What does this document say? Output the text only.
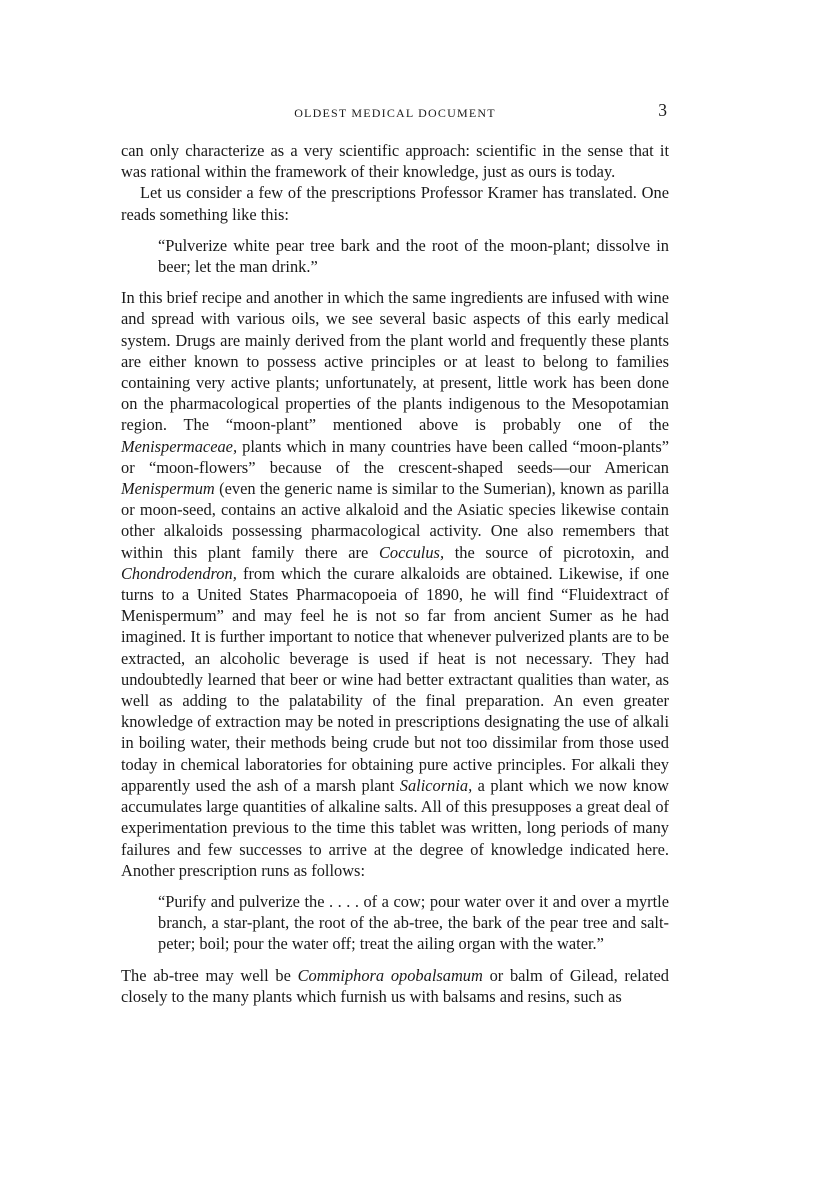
OLDEST MEDICAL DOCUMENT	3

can only characterize as a very scientific approach: scientific in the sense that it was rational within the framework of their knowledge, just as ours is today.

Let us consider a few of the prescriptions Professor Kramer has translated. One reads something like this:

“Pulverize white pear tree bark and the root of the moon-plant; dissolve in beer; let the man drink.”

In this brief recipe and another in which the same ingredients are infused with wine and spread with various oils, we see several basic aspects of this early medical system. Drugs are mainly derived from the plant world and frequently these plants are either known to possess active principles or at least to belong to families containing very active plants; unfortunately, at present, little work has been done on the pharmacological properties of the plants indigenous to the Mesopotamian region. The “moon-plant” mentioned above is probably one of the Menispermaceae, plants which in many countries have been called “moon-plants” or “moon-flowers” because of the crescent-shaped seeds—our American Menispermum (even the generic name is similar to the Sumerian), known as parilla or moon-seed, contains an active alkaloid and the Asiatic species likewise contain other alkaloids possessing pharmacological activity. One also remembers that within this plant family there are Cocculus, the source of picrotoxin, and Chondrodendron, from which the curare alkaloids are obtained. Likewise, if one turns to a United States Pharmacopoeia of 1890, he will find “Fluidextract of Menispermum” and may feel he is not so far from ancient Sumer as he had imagined. It is further important to notice that whenever pulverized plants are to be extracted, an alcoholic beverage is used if heat is not necessary. They had undoubtedly learned that beer or wine had better extractant qualities than water, as well as adding to the palatability of the final preparation. An even greater knowledge of extraction may be noted in prescriptions designating the use of alkali in boiling water, their methods being crude but not too dissimilar from those used today in chemical laboratories for obtaining pure active principles. For alkali they apparently used the ash of a marsh plant Salicornia, a plant which we now know accumulates large quantities of alkaline salts. All of this presupposes a great deal of experimentation previous to the time this tablet was written, long periods of many failures and few successes to arrive at the degree of knowledge indicated here. Another prescription runs as follows:

“Purify and pulverize the . . . . of a cow; pour water over it and over a myrtle branch, a star-plant, the root of the ab-tree, the bark of the pear tree and salt-peter; boil; pour the water off; treat the ailing organ with the water.”

The ab-tree may well be Commiphora opobalsamum or balm of Gilead, related closely to the many plants which furnish us with balsams and resins, such as
